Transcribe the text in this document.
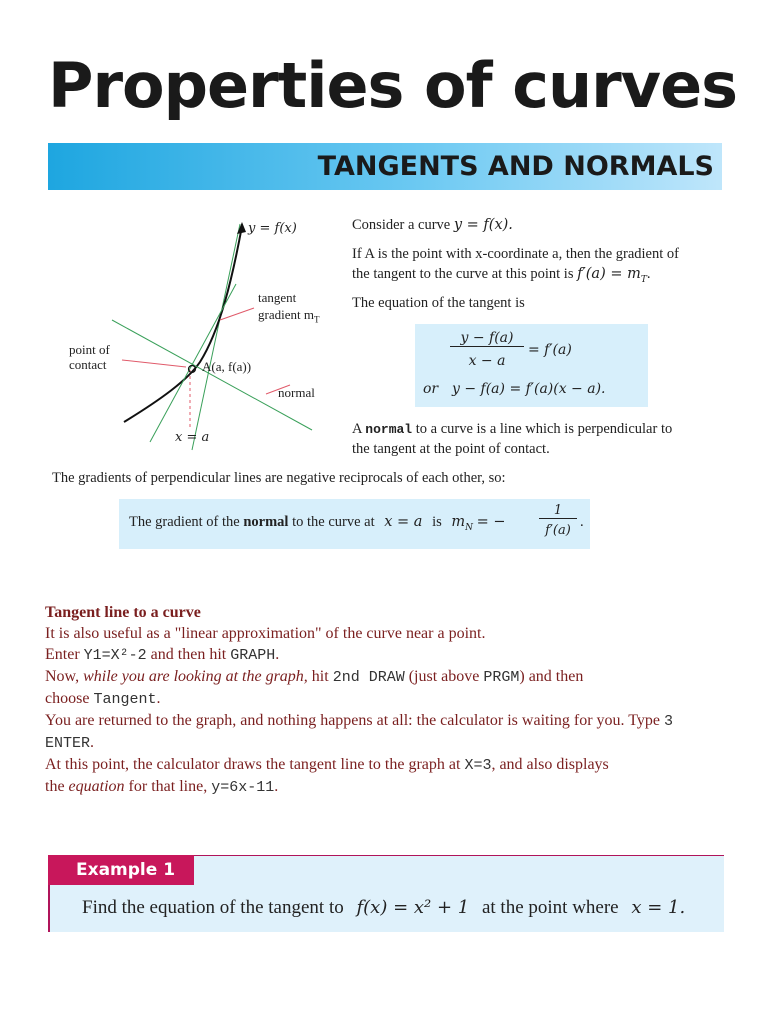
Properties of curves
TANGENTS AND NORMALS
y = f(x)
tangent
gradient $m_T$
point of
contact	A(a, f(a))
normal
x = a
Consider a curve y = f(x).
If A is the point with x-coordinate a, then the gradient of
the tangent to the curve at this point is $f'(a) = m_T$.
The equation of the tangent is
y − f(a)
x − a
= f′(a)
or y − f(a) = f′(a)(x − a).
A normal to a curve is a line which is perpendicular to
the tangent at the point of contact.
The gradients of perpendicular lines are negative reciprocals of each other, so:
The gradient of the normal to the curve at x = a is $m_N$ = −
1
f′(a)
.

Tangent line to a curve

It is also useful as a "linear approximation" of the curve near a point.

Enter Y1=X²-2 and then hit GRAPH.

Now, while you are looking at the graph, hit 2nd DRAW (just above PRGM) and then

choose Tangent.

You are returned to the graph, and nothing happens at all: the calculator is waiting for you. Type 3

ENTER.

At this point, the calculator draws the tangent line to the graph at X=3, and also displays

the equation for that line, y=6x-11.

Example 1
Find the equation of the tangent to f(x) = x² + 1 at the point where x = 1.
